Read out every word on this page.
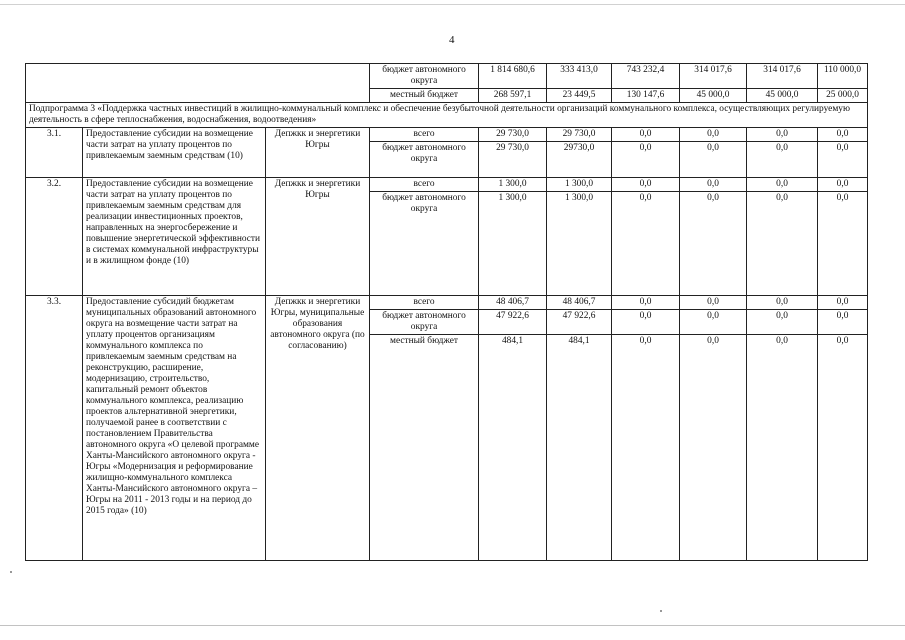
4
			бюджет автономного округа	1 814 680,6	333 413,0	743 232,4	314 017,6	314 017,6	110 000,0
			местный бюджет	268 597,1	23 449,5	130 147,6	45 000,0	45 000,0	25 000,0
Подпрограмма 3 «Поддержка частных инвестиций в жилищно-коммунальный комплекс и обеспечение безубыточной деятельности организаций коммунального комплекса, осуществляющих регулируемую деятельность в сфере теплоснабжения, водоснабжения, водоотведения»									
3.1.	Предоставление субсидии на возмещение части затрат на уплату процентов по привлекаемым заемным средствам (10)	Депжкк и энергетики Югры	всего	29 730,0	29 730,0	0,0	0,0	0,0	0,0
			бюджет автономного округа	29 730,0	29730,0	0,0	0,0	0,0	0,0
3.2.	Предоставление субсидии на возмещение части затрат на уплату процентов по привлекаемым заемным средствам для реализации инвестиционных проектов, направленных на энергосбережение и повышение энергетической эффективности в системах коммунальной инфраструктуры и в жилищном фонде (10)	Депжкк и энергетики Югры	всего	1 300,0	1 300,0	0,0	0,0	0,0	0,0
			бюджет автономного округа	1 300,0	1 300,0	0,0	0,0	0,0	0,0
3.3.	Предоставление субсидий бюджетам муниципальных образований автономного округа на возмещение части затрат на уплату процентов организациям коммунального комплекса по привлекаемым заемным средствам на реконструкцию, расширение, модернизацию, строительство, капитальный ремонт объектов коммунального комплекса, реализацию проектов альтернативной энергетики, получаемой ранее в соответствии с постановлением Правительства автономного округа «О целевой программе Ханты-Мансийского автономного округа - Югры «Модернизация и реформирование жилищно-коммунального комплекса Ханты-Мансийского автономного округа – Югры на 2011 - 2013 годы и на период до 2015 года» (10)	Депжкк и энергетики Югры, муниципальные образования автономного округа (по согласованию)	всего	48 406,7	48 406,7	0,0	0,0	0,0	0,0
			бюджет автономного округа	47 922,6	47 922,6	0,0	0,0	0,0	0,0
			местный бюджет	484,1	484,1	0,0	0,0	0,0	0,0
